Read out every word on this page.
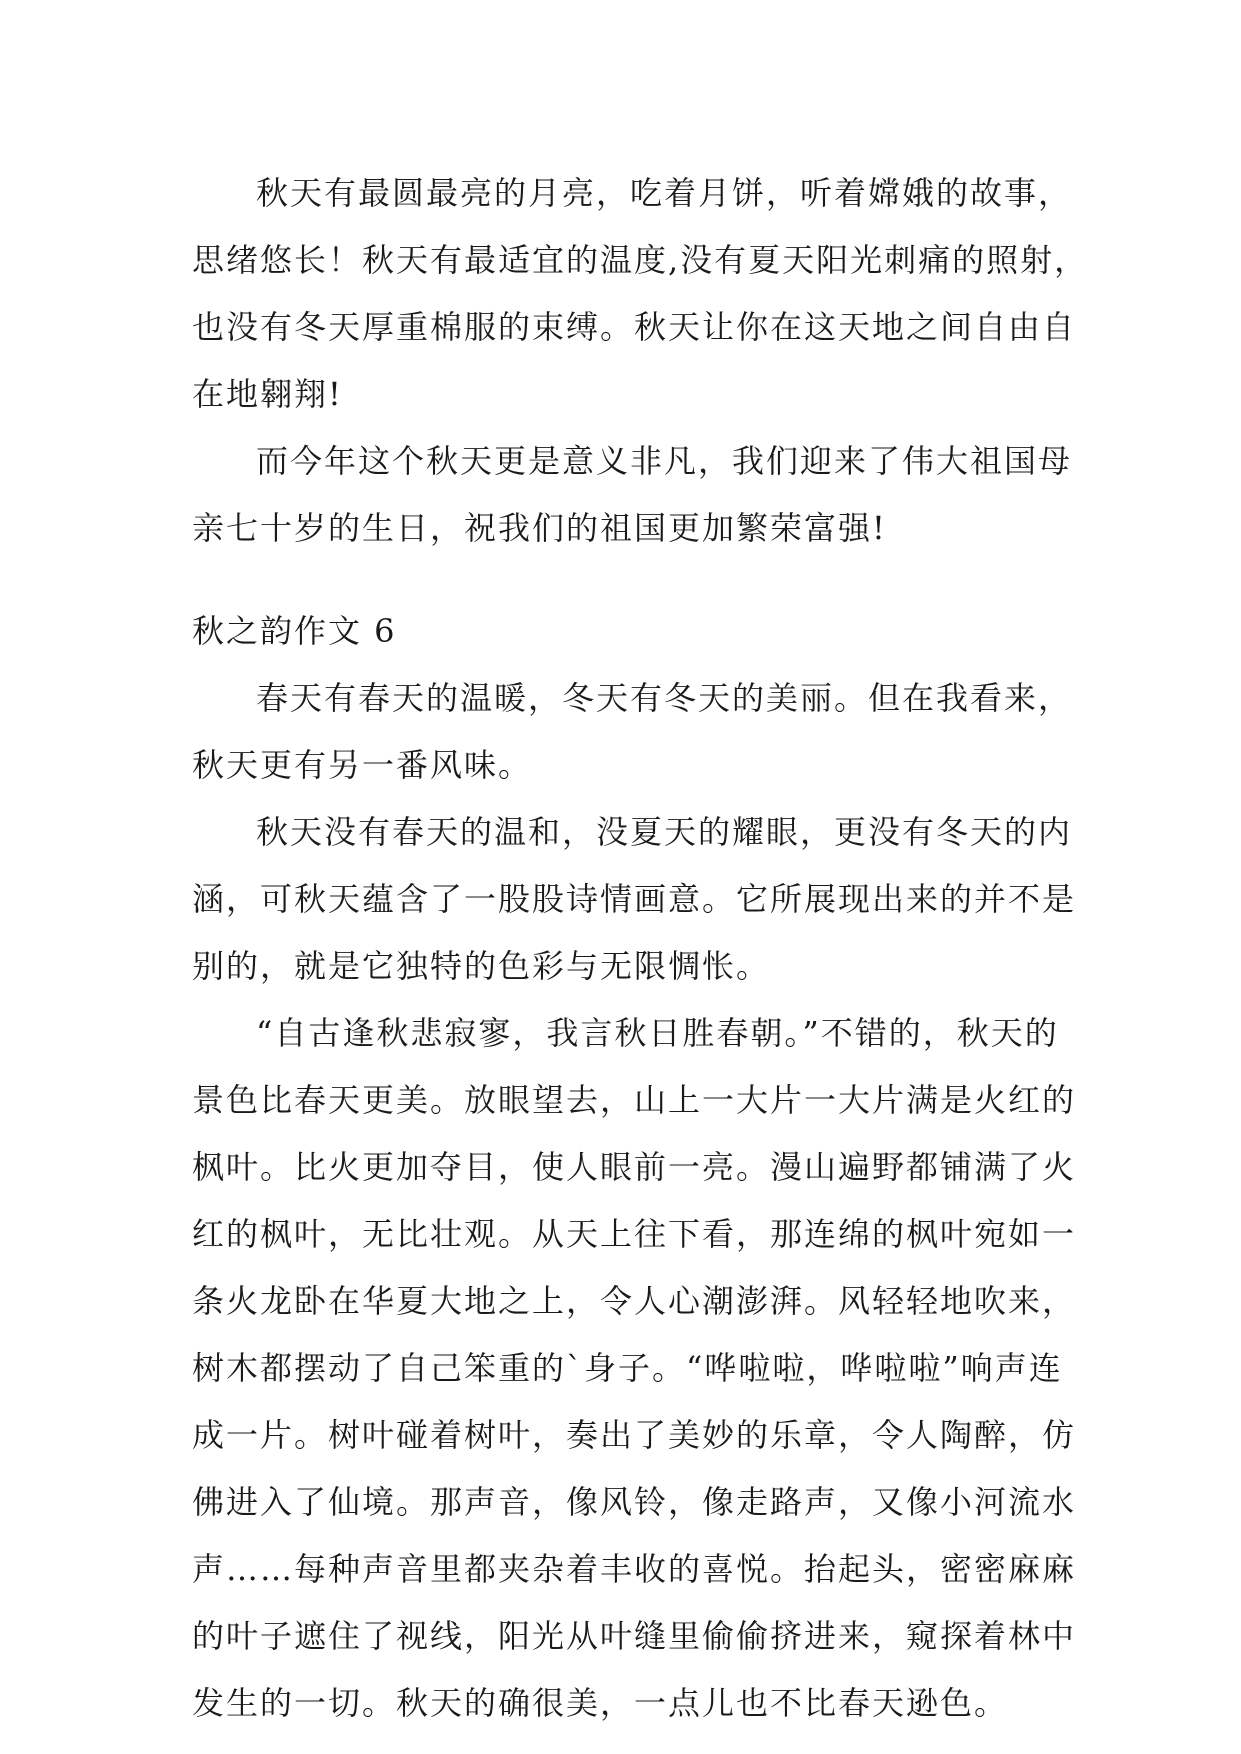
秋天有最圆最亮的月亮，吃着月饼，听着嫦娥的故事，思绪悠长！秋天有最适宜的温度,没有夏天阳光刺痛的照射，也没有冬天厚重棉服的束缚。秋天让你在这天地之间自由自在地翱翔!

而今年这个秋天更是意义非凡，我们迎来了伟大祖国母亲七十岁的生日，祝我们的祖国更加繁荣富强!

秋之韵作文 6

春天有春天的温暖，冬天有冬天的美丽。但在我看来，秋天更有另一番风味。

秋天没有春天的温和，没夏天的耀眼，更没有冬天的内涵，可秋天蕴含了一股股诗情画意。它所展现出来的并不是别的，就是它独特的色彩与无限惆怅。

“自古逢秋悲寂寥，我言秋日胜春朝。”不错的，秋天的景色比春天更美。放眼望去，山上一大片一大片满是火红的枫叶。比火更加夺目，使人眼前一亮。漫山遍野都铺满了火红的枫叶，无比壮观。从天上往下看，那连绵的枫叶宛如一条火龙卧在华夏大地之上，令人心潮澎湃。风轻轻地吹来，树木都摆动了自己笨重的`身子。“哗啦啦，哗啦啦”响声连成一片。树叶碰着树叶，奏出了美妙的乐章，令人陶醉，仿佛进入了仙境。那声音，像风铃，像走路声，又像小河流水声……每种声音里都夹杂着丰收的喜悦。抬起头，密密麻麻的叶子遮住了视线，阳光从叶缝里偷偷挤进来，窥探着林中发生的一切。秋天的确很美，一点儿也不比春天逊色。
